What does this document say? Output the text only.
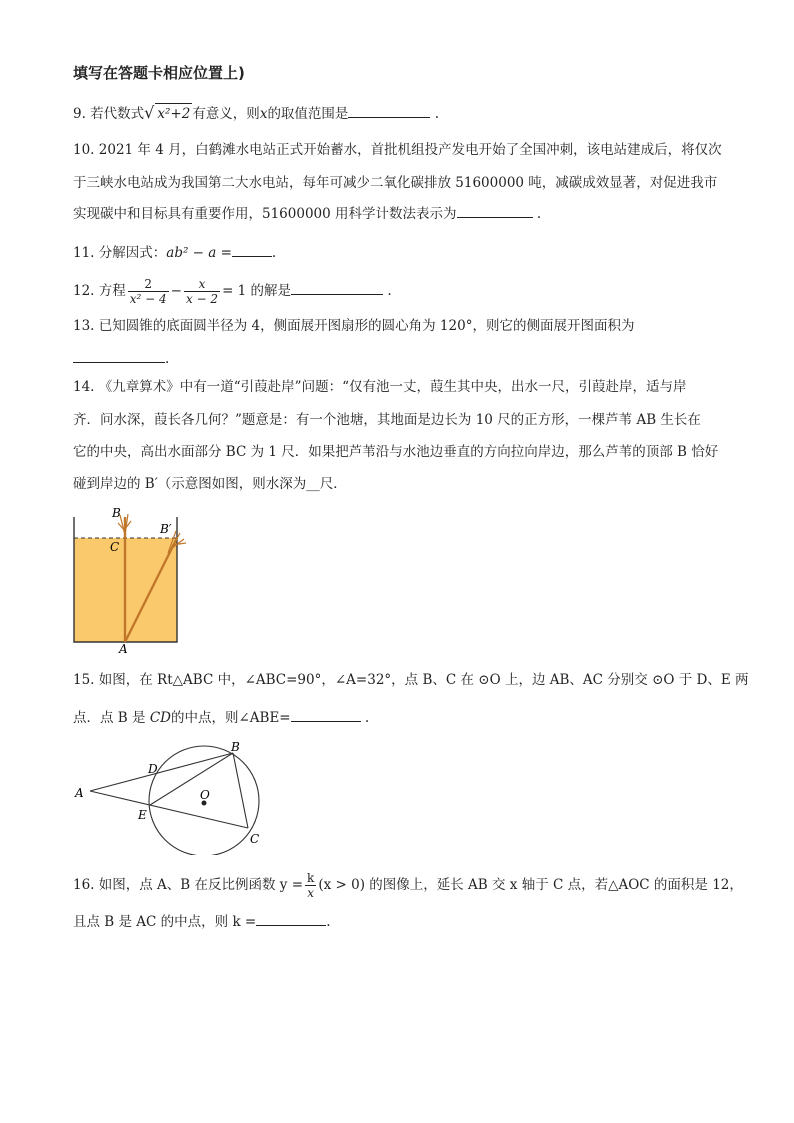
填写在答题卡相应位置上)
9. 若代数式√ x²+2 有意义，则x的取值范围是	.
10. 2021 年 4 月，白鹤滩水电站正式开始蓄水，首批机组投产发电开始了全国冲刺，该电站建成后，将仅次
于三峡水电站成为我国第二大水电站，每年可减少二氧化碳排放 51600000 吨，减碳成效显著，对促进我市
实现碳中和目标具有重要作用，51600000 用科学计数法表示为	.
11. 分解因式：ab² − a =	.
12. 方程 $\frac{2}{\text{x² − 4}} - \frac{x}{x - 2} = 1$ 的解是	.
13. 已知圆锥的底面圆半径为 4，侧面展开图扇形的圆心角为 120°，则它的侧面展开图面积为
.
14. 《九章算术》中有一道“引葭赴岸”问题：“仅有池一丈，葭生其中央，出水一尺，引葭赴岸，适与岸
齐．问水深，葭长各几何？”题意是：有一个池塘，其地面是边长为 10 尺的正方形，一棵芦苇 AB 生长在
它的中央，高出水面部分 BC 为 1 尺．如果把芦苇沿与水池边垂直的方向拉向岸边，那么芦苇的顶部 B 恰好
碰到岸边的 B′（示意图如图，则水深为__尺．
B
B′
C
A
15. 如图，在 Rt△ABC 中，∠ABC=90°，∠A=32°，点 B、C 在 ⊙O 上，边 AB、AC 分别交 ⊙O 于 D、E 两
点．点 B 是 CD的中点，则∠ABE=	.
A
B
C
D
E
O
16. 如图，点 A、B 在反比例函数 $y = \frac{k}{x} (x > 0)$ 的图像上，延长 AB 交 x 轴于 C 点，若△AOC 的面积是 12，
且点 B 是 AC 的中点，则 k =	.
